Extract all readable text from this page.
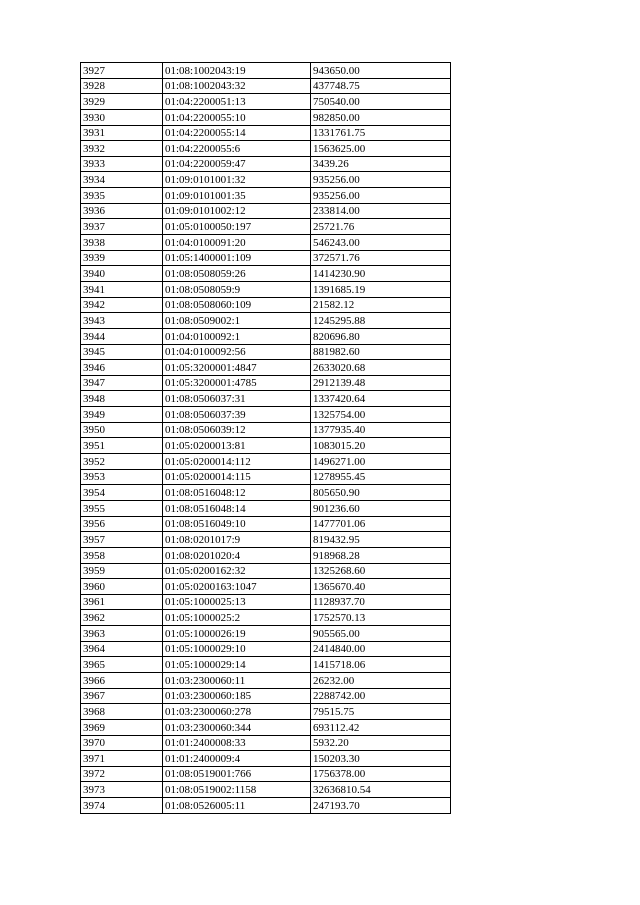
3927	01:08:1002043:19	943650.00
3928	01:08:1002043:32	437748.75
3929	01:04:2200051:13	750540.00
3930	01:04:2200055:10	982850.00
3931	01:04:2200055:14	1331761.75
3932	01:04:2200055:6	1563625.00
3933	01:04:2200059:47	3439.26
3934	01:09:0101001:32	935256.00
3935	01:09:0101001:35	935256.00
3936	01:09:0101002:12	233814.00
3937	01:05:0100050:197	25721.76
3938	01:04:0100091:20	546243.00
3939	01:05:1400001:109	372571.76
3940	01:08:0508059:26	1414230.90
3941	01:08:0508059:9	1391685.19
3942	01:08:0508060:109	21582.12
3943	01:08:0509002:1	1245295.88
3944	01:04:0100092:1	820696.80
3945	01:04:0100092:56	881982.60
3946	01:05:3200001:4847	2633020.68
3947	01:05:3200001:4785	2912139.48
3948	01:08:0506037:31	1337420.64
3949	01:08:0506037:39	1325754.00
3950	01:08:0506039:12	1377935.40
3951	01:05:0200013:81	1083015.20
3952	01:05:0200014:112	1496271.00
3953	01:05:0200014:115	1278955.45
3954	01:08:0516048:12	805650.90
3955	01:08:0516048:14	901236.60
3956	01:08:0516049:10	1477701.06
3957	01:08:0201017:9	819432.95
3958	01:08:0201020:4	918968.28
3959	01:05:0200162:32	1325268.60
3960	01:05:0200163:1047	1365670.40
3961	01:05:1000025:13	1128937.70
3962	01:05:1000025:2	1752570.13
3963	01:05:1000026:19	905565.00
3964	01:05:1000029:10	2414840.00
3965	01:05:1000029:14	1415718.06
3966	01:03:2300060:11	26232.00
3967	01:03:2300060:185	2288742.00
3968	01:03:2300060:278	79515.75
3969	01:03:2300060:344	693112.42
3970	01:01:2400008:33	5932.20
3971	01:01:2400009:4	150203.30
3972	01:08:0519001:766	1756378.00
3973	01:08:0519002:1158	32636810.54
3974	01:08:0526005:11	247193.70
